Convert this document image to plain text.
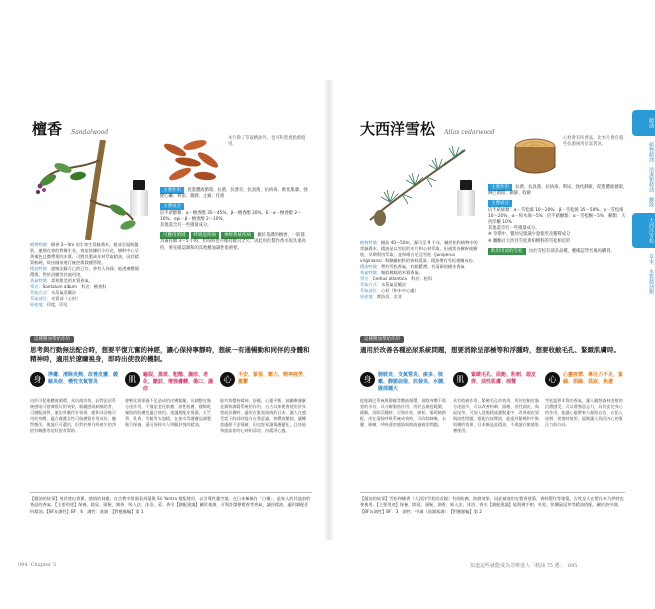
檀香 Sandalwood
木片除了萃取精油外，也可和焚香點薰燒用。
主要作用 促進體液循環、抗菌、抗發炎、抗真菌、抗病毒、軟化肌膚、強健心臟、利尿、鎮靜、止痛、化痰
主要成分
倍半萜醇類：α－檀香醇 35～45%、β－檀香醇 20%、E－α－檀香醇 2～10%、epi－β－檀香醇 2～10%、
其他還含有一些微量成分。
可應用領域 呼吸道疾病 神經系統疾病 屬於基礎的檀香，一般都具備持續 3～5 小時，但每時也可維持數日之久，因此用於製作香水很具重高持，事先確認調和的其他精油調性很重要。
植物特徵：檀香 3～4m 的半寄生常綠喬木，根部呈現吸盤狀，連綿在寄的對稱生長。寄宿依據形小紅花，樹幹中心呈黃褐色且微帶黃的木質，可將其製成木材萃取精油，因其精質較硬，故由國家進行統控與栽種管理。
精油特徵：憑嗅法蘇合已的已存，香有人為採，能透廣體循環與，對於浴膜等其他用途，
香氣特徵：柔和甜美的木質香氣。
學名：Santalum album　科名：檀香科
萃取方式：水蒸氣蒸餾法
萃取部位：木質部（心材）
原產地：印度，印尼
這種精油帶給你的
思考與行動無法配合時，想要平復亢奮的神經，讓心保持寧靜時，想統一有通暢動和同伴的身體和精神時，適用於遼曠視身，即時出使我的機制。
身	淨膚、清除炎熱、改善皮膚、緩解炎症、慢性支氣管炎
由於可促進體液循環，具抗菌功效，針對泌尿系統感染可發揮很好的效果，喉嚨感染刺痛的者，可調配滴鼻，兼治草藥作好效果，緩和沐浴後可用的身體，適合養護女性可做膚質作用成份，聽然懷孕，建議只可選用，但對於採月經產生的淨值有關應等症狀很有幫助。
肌	龜裂、黑斑、粗糙、濕疹、老化、皺紋、增強膚體、傷口、濕疹
會軟化與保養不足造成的皮膚粗糙，具調整皮脂分泌作用，不僅是老化肌膚、油性肌膚、種類乾燥肌的肌膚也適合使用。建議搭配皮保濕，天竺葵、乳香，雪鬆等太加精，在加水等護膚品調製進行保養，還可保持年人明顯舒悅的精油。
心	不安、緊張、壓力、精神疲勞、憂鬱
能有效穩持精神，舒緩，心靈平衡，鼓勵療慮解並調和調精系統的作用，自古以來便會使用於冥想或祈禱時，適用在緊張兩情的日本，讓人在感受當下的同時提升自我意識，和釋放壓抑，讓轉重處理不安情緒，但也容易讓情慮變化，且快能和提高你的心神和清涼，內精淨心靈。
【精油的故事】用於焚出香薰，感情的伺應，在宗教中常園看到還與 Sri Yantra 搭配使用，以引導性靈空境。在日本稱稱作「白檀」，是家人的其他前的香品的香氣。【主要用途】保養，除臭、頭髮、調香、吸入法、沐浴，蒸、香水【調配建議】屬於基調，可與許傑檸檬香等香氣，讓你精油，適用調配任何精油。【BF＆調性】BF：6　調性：基調　【對應脈輪】第 1
094 Chapter 3
大西洋雪松 Atlas cedarwood
心材會有所香氣，比木片會有處些抗菌兩用於氣質沐。
主要作用 抗菌、抗真菌、抗病毒、利尿、強化靜脈、促進體液循環、淋巴循環、鎮靜、收斂
主要成分
倍半萜烯類：α－雪松烯 10～20%、β－雪松烯 35～50%、γ－雪松烯 10～20%、α－柏木烯～5%　倍半萜酮類：α－雪松酮～5%　酮類：大西洋酮 10%
其他還含有一些微量成分。
※ 孕期中、嬰幼兒建議少量使用及稀釋成分
※ 屬酮式大西洋雪松與柏樹科的雪松相近的
飲用用途的雪松 由於雪松有部多品種，應確認學名後再購買。
植物特徵：樹高 40～50m，壽可至 9 千年，屬於松科植物中的常綠喬木，精油是以雪松的木片和心材萃取，但通常為樹幹或樹枝，早期利用萃取，並和維吉尼亞雪松（Juniperus virginiana）與隸屬柏科的香料混淆，精油帶有雪松相關成份。
精油特徵：帶有雪松香氣，有點鬱滯、有清新的樹木香氣
香氣特徵：類似樟腦的木質香氣。
學名：Cedrus atlantica　科名：松科
萃取方式：水蒸氣蒸餾法
萃取部位：心材（和木中心處）
原產地：摩洛哥、北非
這種精油帶給你的
適用於改善各種泌尿系統問題，想要消除呈部極等和浮腫時，想要收斂毛孔、緊緻肌膚時。
身	膀胱炎、支氣管炎、痰多、咳嗽、靜脈曲張、抗發炎、水腫、腹部腫大
促進淋巴系統與靜脈等體液循環，排除身體不需要的水份，具分解脂肪作用，用於去痛疫範圍，緩解，消除浮腫時，可與杜松、絲柏、葡萄柚搭配，用在清除呼吸系統成效時，可改除咳嗽、水腫、咳嗽，呼吸道的感染與痰液過疲的問題。
肌	緊緻毛孔、面皰、粉刺、頭皮屑、油性肌膚、掉髮
具有收斂作用，緊緻毛孔的效用，用於控制皮脂分泌過多，可以改善粉刺、面皰、油性頭皮，與鼠尾草，可加入洗髮精或護髮素中，改善頭皮屑與油性問題，搭配在按摩油，能達到緊緻和平衡肌膚的效果，日本稱是此精油，不建議在敏感肌膚使用。
心	心靈疲憊、專注力不足、緊繃、煩躁、孤寂、焦慮
雪松溫和木質的香氣，讓人聯想森林浴般的沉穩感受，可以增強意志力，具有安定身心的作用，能讓心靈帶來力量與自信，在陷入迷惘、徬徨時使用，能夠讓人找回內心的專注力與方向。
【精油的故事】雪松和檀香（大西洋雪松的近親）有助防腐、防腐效果，因此被使用在製香建築、香料製作等建築，古埃及人在製作木乃伊時也會使用。【主要用途】保養、除臭、頭髮、調香、吸入法、沐浴、香水【調配建議】能與佛手柑、杜松、快樂鼠尾草等精油搭配，屬於前中調。【BF＆調性】BF：3　調性：中調（前調基調）　【對應脈輪】第 2
知道這些就能成為芳療達人「精油 75 選」 095
精油
植物精油．清潔類精油．擴散
大西洋雪松
草本．木質精油類
